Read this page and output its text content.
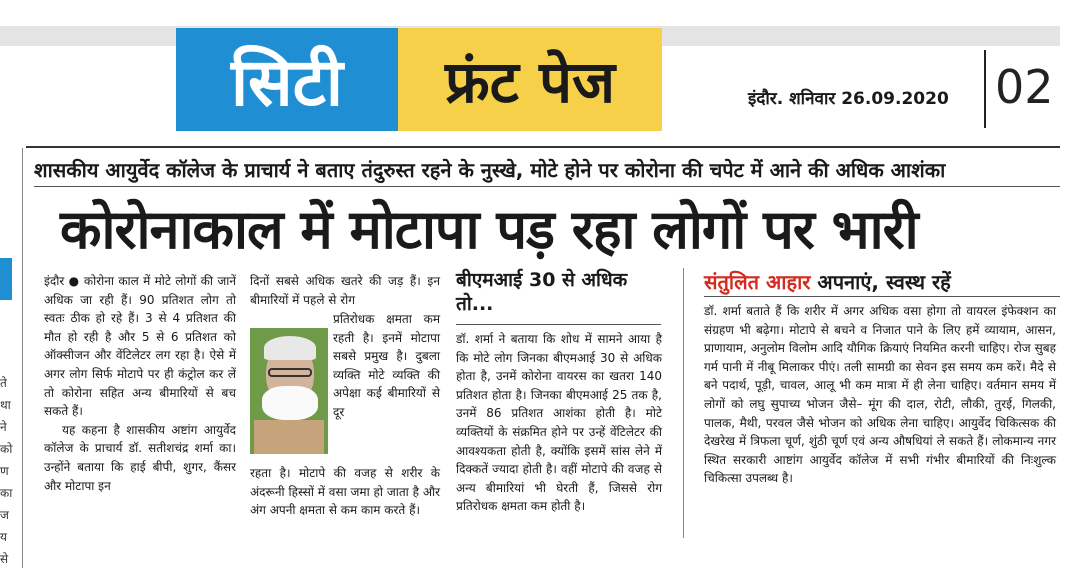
सिटी	फ्रंट पेज	इंदौर. शनिवार 26.09.2020 02
ते
था
ने
को
ण
का
ज
य
से
शासकीय आयुर्वेद कॉलेज के प्राचार्य ने बताए तंदुरुस्त रहने के नुस्खे, मोटे होने पर कोरोना की चपेट में आने की अधिक आशंका
कोरोनाकाल में मोटापा पड़ रहा लोगों पर भारी

इंदौर ● कोरोना काल में मोटे लोगों की जानें अधिक जा रही हैं। 90 प्रतिशत लोग तो स्वतः ठीक हो रहे हैं। 3 से 4 प्रतिशत की मौत हो रही है और 5 से 6 प्रतिशत को ऑक्सीजन और वेंटिलेटर लग रहा है। ऐसे में अगर लोग सिर्फ मोटापे पर ही कंट्रोल कर लें तो कोरोना सहित अन्य बीमारियों से बच सकते हैं।

यह कहना है शासकीय अष्टांग आयुर्वेद कॉलेज के प्राचार्य डॉ. सतीशचंद्र शर्मा का। उन्होंने बताया कि हाई बीपी, शुगर, कैंसर और मोटापा इन

दिनों सबसे अधिक खतरे की जड़ हैं। इन बीमारियों में पहले से रोग
प्रतिरोधक क्षमता कम रहती है। इनमें मोटापा सबसे प्रमुख है। दुबला व्यक्ति मोटे व्यक्ति की अपेक्षा कई बीमारियों से दूर
रहता है। मोटापे की वजह से शरीर के अंदरूनी हिस्सों में वसा जमा हो जाता है और अंग अपनी क्षमता से कम काम करते हैं।
बीएमआई 30 से अधिक तो...
डॉ. शर्मा ने बताया कि शोध में सामने आया है कि मोटे लोग जिनका बीएमआई 30 से अधिक होता है, उनमें कोरोना वायरस का खतरा 140 प्रतिशत होता है। जिनका बीएमआई 25 तक है, उनमें 86 प्रतिशत आशंका होती है। मोटे व्यक्तियों के संक्रमित होने पर उन्हें वेंटिलेटर की आवश्यकता होती है, क्योंकि इसमें सांस लेने में दिक्कतें ज्यादा होती है। वहीं मोटापे की वजह से अन्य बीमारियां भी घेरती हैं, जिससे रोग प्रतिरोधक क्षमता कम होती है।
संतुलित आहार अपनाएं, स्वस्थ रहें
डॉ. शर्मा बताते हैं कि शरीर में अगर अधिक वसा होगा तो वायरल इंफेक्शन का संग्रहण भी बढ़ेगा। मोटापे से बचने व निजात पाने के लिए हमें व्यायाम, आसन, प्राणायाम, अनुलोम विलोम आदि यौगिक क्रियाएं नियमित करनी चाहिए। रोज सुबह गर्म पानी में नीबू मिलाकर पीएं। तली सामग्री का सेवन इस समय कम करें। मैदे से बने पदार्थ, पूड़ी, चावल, आलू भी कम मात्रा में ही लेना चाहिए। वर्तमान समय में लोगों को लघु सुपाच्य भोजन जैसे– मूंग की दाल, रोटी, लौकी, तुरई, गिलकी, पालक, मैथी, परवल जैसे भोजन को अधिक लेना चाहिए। आयुर्वेद चिकित्सक की देखरेख में त्रिफला चूर्ण, शुंठी चूर्ण एवं अन्य औषधियां ले सकते हैं। लोकमान्य नगर स्थित सरकारी आष्टांग आयुर्वेद कॉलेज में सभी गंभीर बीमारियों की निःशुल्क चिकित्सा उपलब्ध है।
